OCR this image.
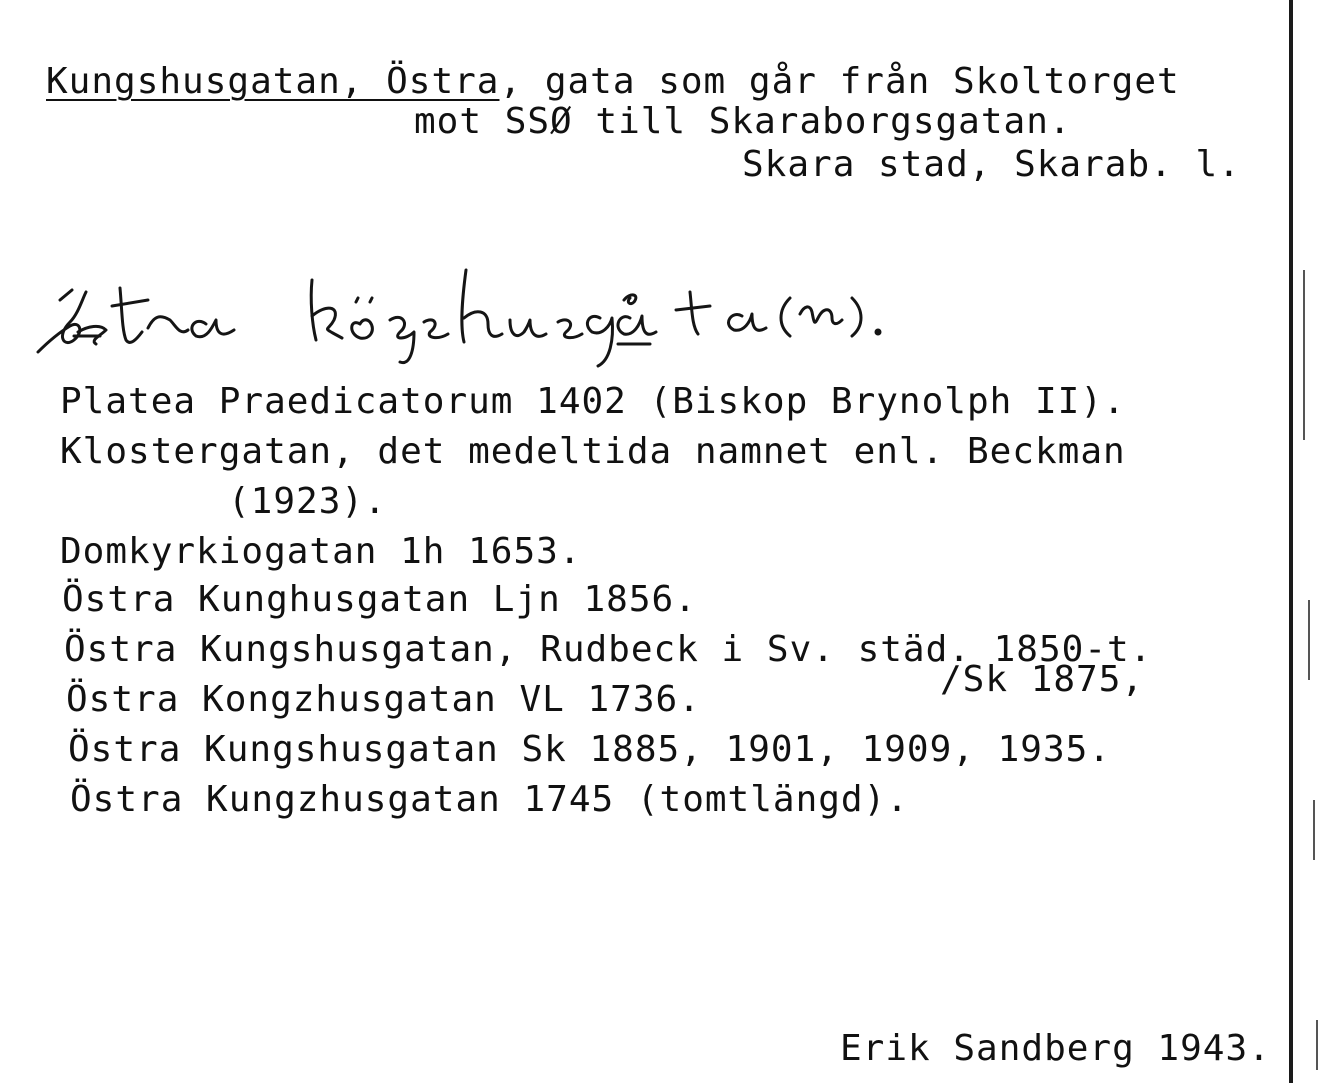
Kungshusgatan, Östra, gata som går från Skoltorget
mot SSØ till Skaraborgsgatan.
Skara stad, Skarab. l.
Platea Praedicatorum 1402 (Biskop Brynolph II).
Klostergatan, det medeltida namnet enl. Beckman
(1923).
Domkyrkiogatan 1h 1653.
Östra Kunghusgatan Ljn 1856.
Östra Kungshusgatan, Rudbeck i Sv. städ. 1850-t.
Östra Kongzhusgatan VL 1736.	/Sk 1875,
Östra Kungshusgatan Sk 1885, 1901, 1909, 1935.
Östra Kungzhusgatan 1745 (tomtlängd).
Erik Sandberg 1943.
